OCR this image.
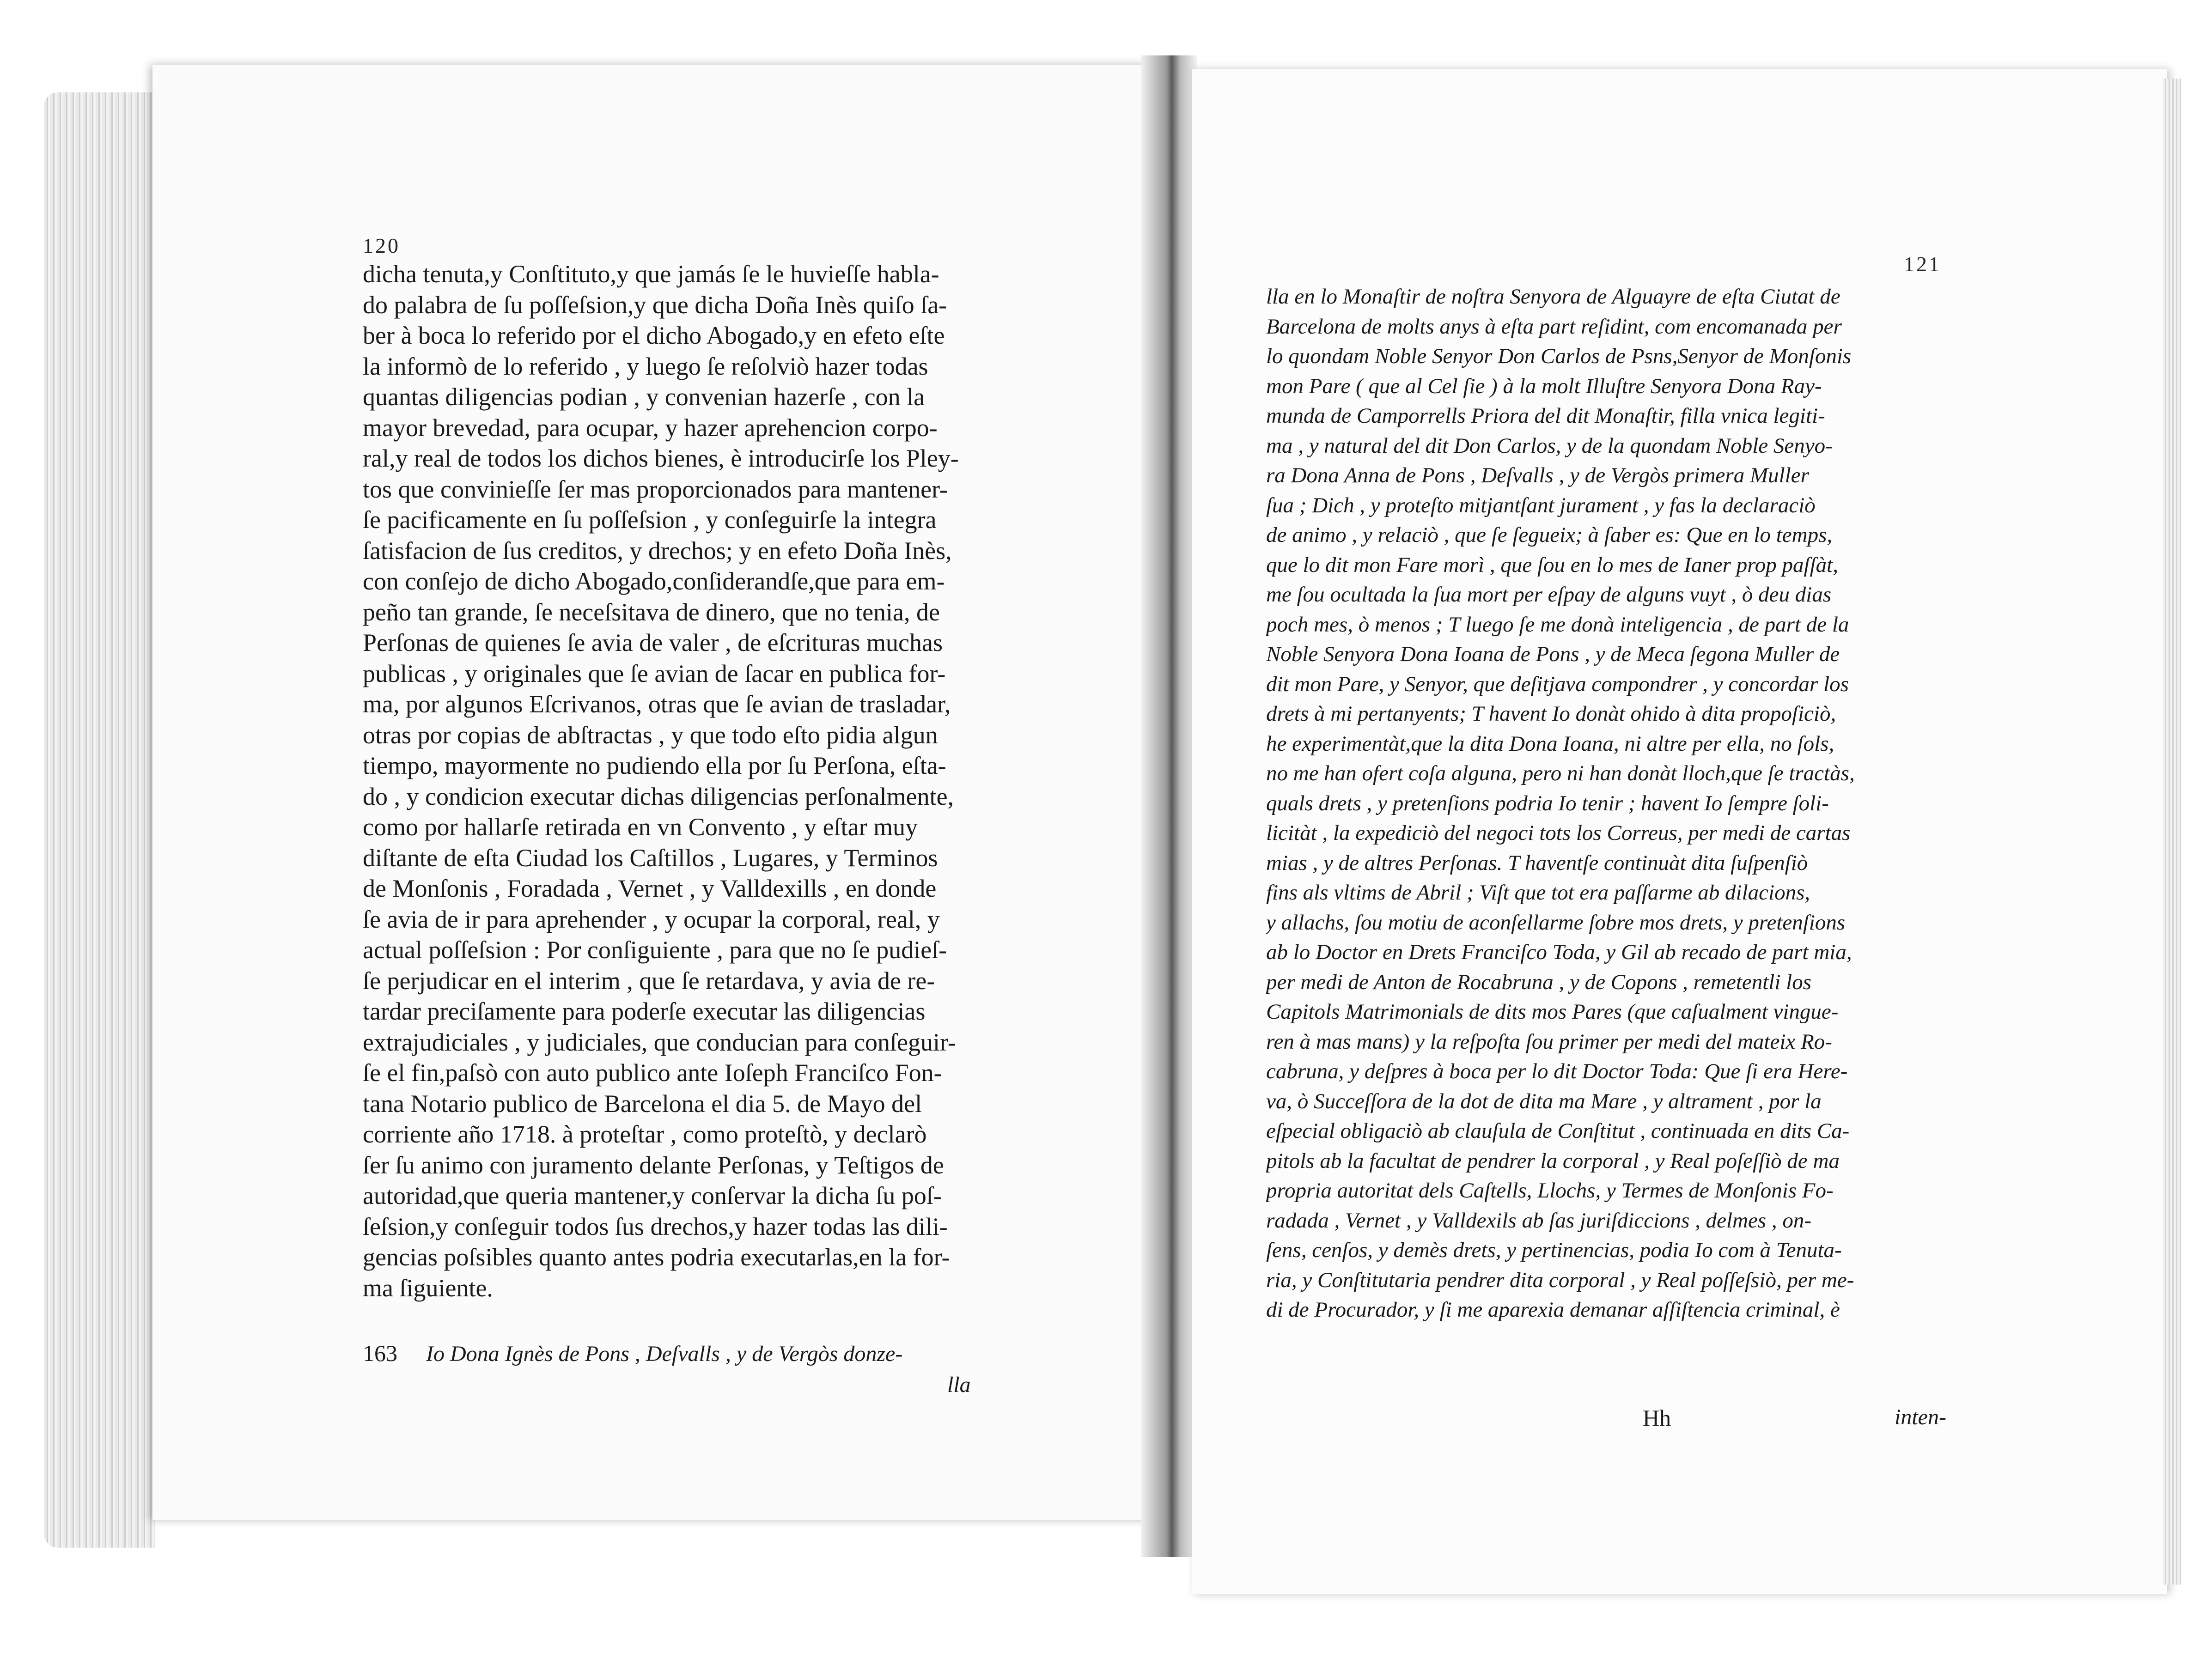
120
dicha tenuta,y Conſtituto,y que jamás ſe le huvieſſe habla-
do palabra de ſu poſſeſsion,y que dicha Doña Inès quiſo ſa-
ber à boca lo referido por el dicho Abogado,y en efeto eſte
la informò de lo referido , y luego ſe reſolviò hazer todas
quantas diligencias podian , y convenian hazerſe , con la
mayor brevedad, para ocupar, y hazer aprehencion corpo-
ral,y real de todos los dichos bienes, è introducirſe los Pley-
tos que convinieſſe ſer mas proporcionados para mantener-
ſe pacificamente en ſu poſſeſsion , y conſeguirſe la integra
ſatisfacion de ſus creditos, y drechos; y en efeto Doña Inès,
con conſejo de dicho Abogado,conſiderandſe,que para em-
peño tan grande, ſe neceſsitava de dinero, que no tenia, de
Perſonas de quienes ſe avia de valer , de eſcrituras muchas
publicas , y originales que ſe avian de ſacar en publica for-
ma, por algunos Eſcrivanos, otras que ſe avian de trasladar,
otras por copias de abſtractas , y que todo eſto pidia algun
tiempo, mayormente no pudiendo ella por ſu Perſona, eſta-
do , y condicion executar dichas diligencias perſonalmente,
como por hallarſe retirada en vn Convento , y eſtar muy
diſtante de eſta Ciudad los Caſtillos , Lugares, y Terminos
de Monſonis , Foradada , Vernet , y Valldexills , en donde
ſe avia de ir para aprehender , y ocupar la corporal, real, y
actual poſſeſsion : Por conſiguiente , para que no ſe pudieſ-
ſe perjudicar en el interim , que ſe retardava, y avia de re-
tardar preciſamente para poderſe executar las diligencias
extrajudiciales , y judiciales, que conducian para conſeguir-
ſe el fin,paſsò con auto publico ante Ioſeph Franciſco Fon-
tana Notario publico de Barcelona el dia 5. de Mayo del
corriente año 1718. à proteſtar , como proteſtò, y declarò
ſer ſu animo con juramento delante Perſonas, y Teſtigos de
autoridad,que queria mantener,y conſervar la dicha ſu poſ-
ſeſsion,y conſeguir todos ſus drechos,y hazer todas las dili-
gencias poſsibles quanto antes podria executarlas,en la for-
ma ſiguiente.
163 Io Dona Ignès de Pons , Deſvalls , y de Vergòs donze-
lla
121
lla en lo Monaſtir de noſtra Senyora de Alguayre de eſta Ciutat de
Barcelona de molts anys à eſta part reſidint, com encomanada per
lo quondam Noble Senyor Don Carlos de Psns,Senyor de Monſonis
mon Pare ( que al Cel ſie ) à la molt Illuſtre Senyora Dona Ray-
munda de Camporrells Priora del dit Monaſtir, filla vnica legiti-
ma , y natural del dit Don Carlos, y de la quondam Noble Senyo-
ra Dona Anna de Pons , Deſvalls , y de Vergòs primera Muller
ſua ; Dich , y proteſto mitjantſant jurament , y fas la declaraciò
de animo , y relaciò , que ſe ſegueix; à ſaber es: Que en lo temps,
que lo dit mon Fare morì , que ſou en lo mes de Ianer prop paſſàt,
me ſou ocultada la ſua mort per eſpay de alguns vuyt , ò deu dias
poch mes, ò menos ; T luego ſe me donà inteligencia , de part de la
Noble Senyora Dona Ioana de Pons , y de Meca ſegona Muller de
dit mon Pare, y Senyor, que deſitjava compondrer , y concordar los
drets à mi pertanyents; T havent Io donàt ohido à dita propoſiciò,
he experimentàt,que la dita Dona Ioana, ni altre per ella, no ſols,
no me han ofert coſa alguna, pero ni han donàt lloch,que ſe tractàs,
quals drets , y pretenſions podria Io tenir ; havent Io ſempre ſoli-
licitàt , la expediciò del negoci tots los Correus, per medi de cartas
mias , y de altres Perſonas. T haventſe continuàt dita ſuſpenſiò
fins als vltims de Abril ; Viſt que tot era paſſarme ab dilacions,
y allachs, ſou motiu de aconſellarme ſobre mos drets, y pretenſions
ab lo Doctor en Drets Franciſco Toda, y Gil ab recado de part mia,
per medi de Anton de Rocabruna , y de Copons , remetentli los
Capitols Matrimonials de dits mos Pares (que caſualment vingue-
ren à mas mans) y la reſpoſta ſou primer per medi del mateix Ro-
cabruna, y deſpres à boca per lo dit Doctor Toda: Que ſi era Here-
va, ò Succeſſora de la dot de dita ma Mare , y altrament , por la
eſpecial obligaciò ab clauſula de Conſtitut , continuada en dits Ca-
pitols ab la facultat de pendrer la corporal , y Real poſeſſiò de ma
propria autoritat dels Caſtells, Llochs, y Termes de Monſonis Fo-
radada , Vernet , y Valldexils ab ſas juriſdiccions , delmes , on-
ſens, cenſos, y demès drets, y pertinencias, podia Io com à Tenuta-
ria, y Conſtitutaria pendrer dita corporal , y Real poſſeſsiò, per me-
di de Procurador, y ſi me aparexia demanar aſſiſtencia criminal, è
Hh	inten-
